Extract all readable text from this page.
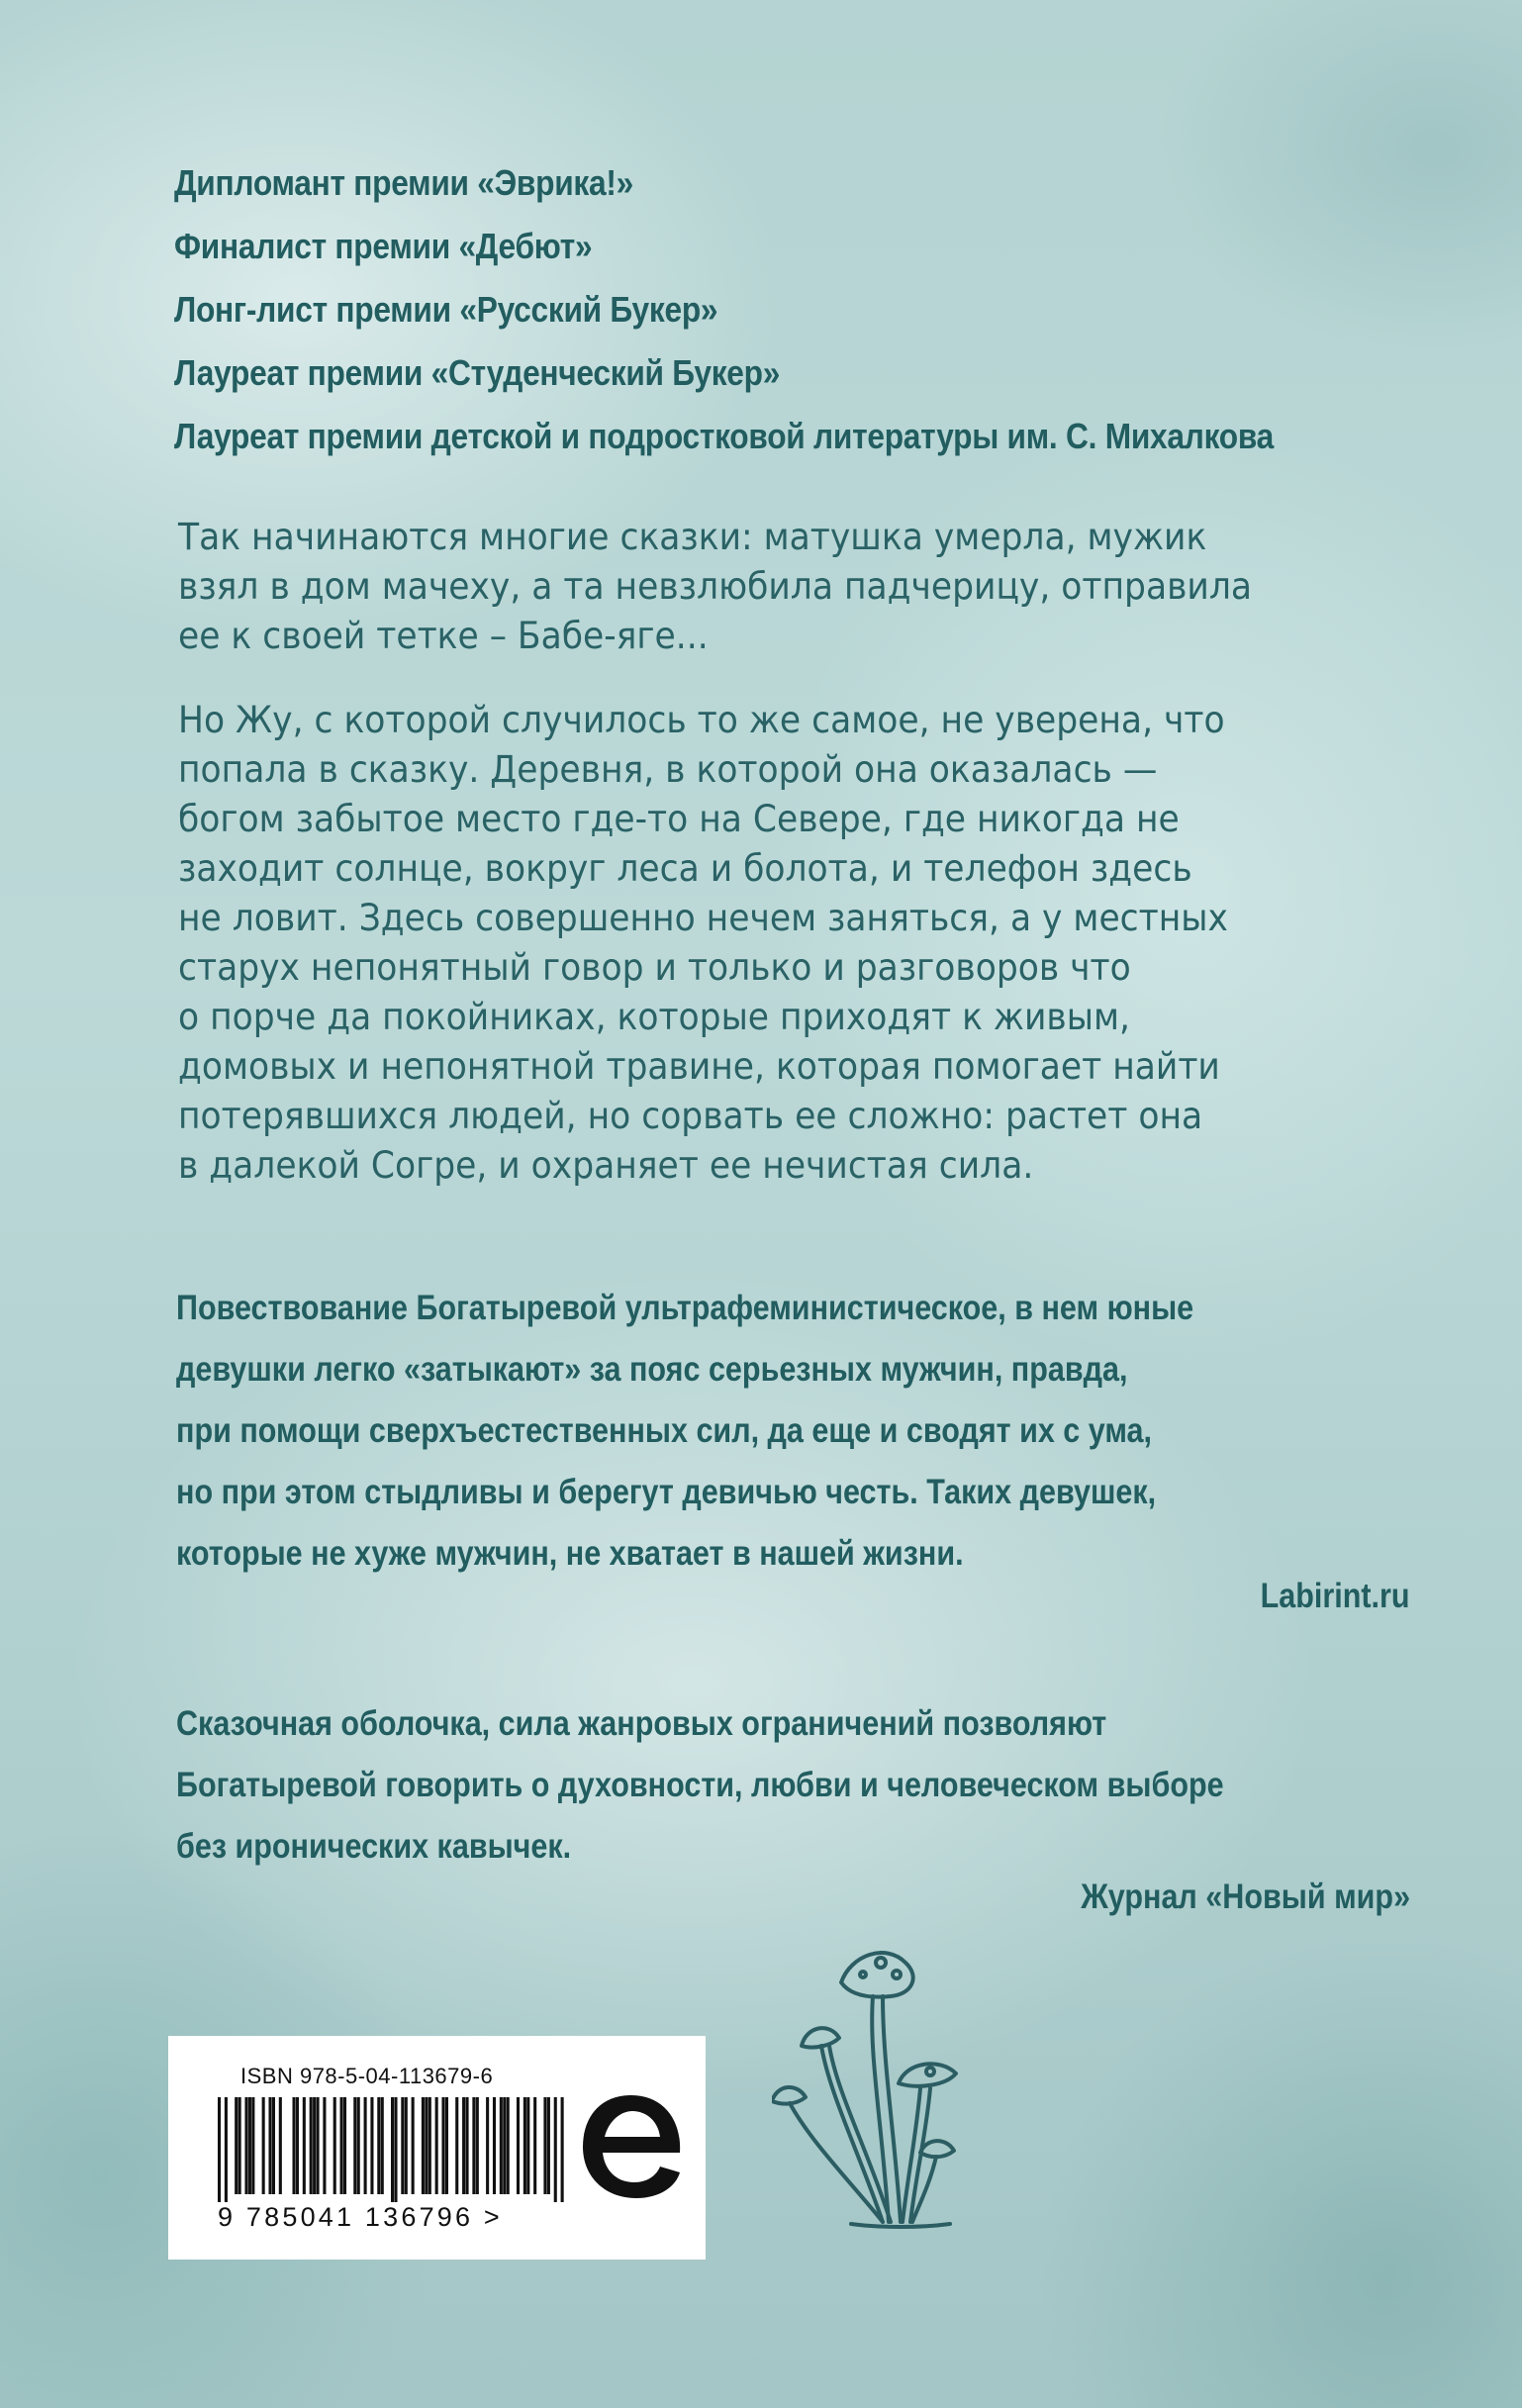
Дипломант премии «Эврика!»
Финалист премии «Дебют»
Лонг-лист премии «Русский Букер»
Лауреат премии «Студенческий Букер»
Лауреат премии детской и подростковой литературы им. С. Михалкова
Так начинаются многие сказки: матушка умерла, мужик
взял в дом мачеху, а та невзлюбила падчерицу, отправила
ее к своей тетке – Бабе-яге...
Но Жу, с которой случилось то же самое, не уверена, что
попала в сказку. Деревня, в которой она оказалась —
богом забытое место где-то на Севере, где никогда не
заходит солнце, вокруг леса и болота, и телефон здесь
не ловит. Здесь совершенно нечем заняться, а у местных
старух непонятный говор и только и разговоров что
о порче да покойниках, которые приходят к живым,
домовых и непонятной травине, которая помогает найти
потерявшихся людей, но сорвать ее сложно: растет она
в далекой Согре, и охраняет ее нечистая сила.
Повествование Богатыревой ультрафеминистическое, в нем юные
девушки легко «затыкают» за пояс серьезных мужчин, правда,
при помощи сверхъестественных сил, да еще и сводят их с ума,
но при этом стыдливы и берегут девичью честь. Таких девушек,
которые не хуже мужчин, не хватает в нашей жизни.
Labirint.ru
Сказочная оболочка, сила жанровых ограничений позволяют
Богатыревой говорить о духовности, любви и человеческом выборе
без иронических кавычек.
Журнал «Новый мир»
ISBN 978-5-04-113679-6
9 785041 136796 >
